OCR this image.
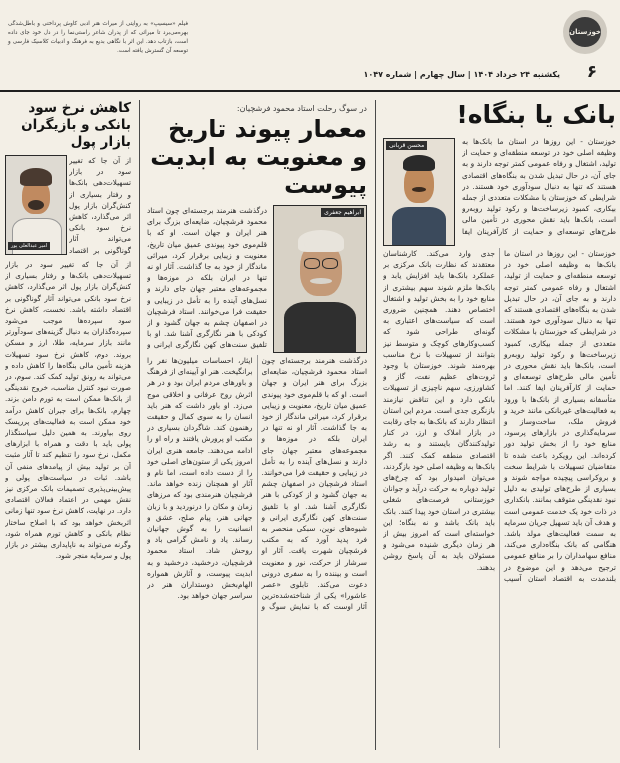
خوزستان
۶
یکشنبه ۲۴ خرداد ۱۴۰۴ | سال چهارم | شماره ۱۰۴۷
فیلم «سیسیپ» به روایتی از میراث هنر ادبی کاوش پرداختی و باطل‌شدگی بهره‌می‌برد تا میراثی که از پدران شاعر راستی‌نما را در دل خود جای داده است، بازتاب دهد. این اثر با نگاهی بدیع به فرهنگ و ادبیات کلاسیک فارسی و توسعه آن گسترش یافته است.
بانک یا بنگاه!
محسن قربانی	خوزستان - این روزها در استان ما بانک‌ها به وظیفه اصلی خود در توسعه منطقه‌ای و حمایت از تولید، اشتغال و رفاه عمومی کمتر توجه دارند و به جای آن، در حال تبدیل شدن به بنگاه‌های اقتصادی هستند که تنها به دنبال سودآوری خود هستند. در شرایطی که خوزستان با مشکلات متعددی از جمله بیکاری، کمبود زیرساخت‌ها و رکود تولید روبه‌رو است، بانک‌ها باید نقش محوری در تأمین مالی طرح‌های توسعه‌ای و حمایت از کارآفرینان ایفا

خوزستان - این روزها در استان ما بانک‌ها به وظیفه اصلی خود در توسعه منطقه‌ای و حمایت از تولید، اشتغال و رفاه عمومی کمتر توجه دارند و به جای آن، در حال تبدیل شدن به بنگاه‌های اقتصادی هستند که تنها به دنبال سودآوری خود هستند. در شرایطی که خوزستان با مشکلات متعددی از جمله بیکاری، کمبود زیرساخت‌ها و رکود تولید روبه‌رو است، بانک‌ها باید نقش محوری در تأمین مالی طرح‌های توسعه‌ای و حمایت از کارآفرینان ایفا کنند. اما متأسفانه بسیاری از بانک‌ها با ورود به فعالیت‌های غیربانکی مانند خرید و فروش ملک، ساخت‌وساز و سرمایه‌گذاری در بازارهای پرسود، منابع خود را از بخش تولید دور کرده‌اند. این رویکرد باعث شده تا متقاضیان تسهیلات با شرایط سخت و بروکراسی پیچیده مواجه شوند و بسیاری از طرح‌های تولیدی به دلیل نبود نقدینگی متوقف بمانند. بانکداری در ذات خود یک خدمت عمومی است و هدف آن باید تسهیل جریان سرمایه به سمت فعالیت‌های مولد باشد. هنگامی که بانک بنگاه‌داری می‌کند، منافع سهامداران را بر منافع عمومی ترجیح می‌دهد و این موضوع در بلندمدت به اقتصاد استان آسیب جدی وارد می‌کند. کارشناسان معتقدند که نظارت بانک مرکزی بر عملکرد بانک‌ها باید افزایش یابد و بانک‌ها ملزم شوند سهم بیشتری از منابع خود را به بخش تولید و اشتغال اختصاص دهند. همچنین ضروری است که سیاست‌های اعتباری به گونه‌ای طراحی شود که کسب‌وکارهای کوچک و متوسط نیز بتوانند از تسهیلات با نرخ مناسب بهره‌مند شوند. خوزستان با وجود ثروت‌های عظیم نفت، گاز و کشاورزی، سهم ناچیزی از تسهیلات بانکی دارد و این تناقض نیازمند بازنگری جدی است. مردم این استان انتظار دارند که بانک‌ها به جای رقابت در بازار املاک و ارز، در کنار تولیدکنندگان بایستند و به رشد اقتصادی منطقه کمک کنند. اگر بانک‌ها به وظیفه اصلی خود بازگردند، می‌توان امیدوار بود که چرخ‌های تولید دوباره به حرکت درآید و جوانان خوزستانی فرصت‌های شغلی بیشتری در استان خود پیدا کنند. بانک باید بانک باشد و نه بنگاه؛ این خواسته‌ای است که امروز بیش از هر زمان دیگری شنیده می‌شود و مسئولان باید به آن پاسخ روشن بدهند.

در سوگ رحلت استاد محمود فرشچیان:
معمار پیوند تاریخ و معنویت به ابدیت پیوست
ابراهیم جعفری

درگذشت هنرمند برجسته‌ای چون استاد محمود فرشچیان، ضایعه‌ای بزرگ برای هنر ایران و جهان است. او که با قلم‌موی خود پیوندی عمیق میان تاریخ، معنویت و زیبایی برقرار کرد، میراثی ماندگار از خود به جا گذاشت. آثار او نه تنها در ایران بلکه در موزه‌ها و مجموعه‌های معتبر جهان جای دارند و نسل‌های آینده را به تأمل در زیبایی و حقیقت فرا می‌خوانند. استاد فرشچیان در اصفهان چشم به جهان گشود و از کودکی با هنر نگارگری آشنا شد. او با تلفیق سنت‌های کهن نگارگری ایرانی و

درگذشت هنرمند برجسته‌ای چون استاد محمود فرشچیان، ضایعه‌ای بزرگ برای هنر ایران و جهان است. او که با قلم‌موی خود پیوندی عمیق میان تاریخ، معنویت و زیبایی برقرار کرد، میراثی ماندگار از خود به جا گذاشت. آثار او نه تنها در ایران بلکه در موزه‌ها و مجموعه‌های معتبر جهان جای دارند و نسل‌های آینده را به تأمل در زیبایی و حقیقت فرا می‌خوانند. استاد فرشچیان در اصفهان چشم به جهان گشود و از کودکی با هنر نگارگری آشنا شد. او با تلفیق سنت‌های کهن نگارگری ایرانی و شیوه‌های نوین، سبکی منحصر به فرد پدید آورد که به مکتب فرشچیان شهرت یافت. آثار او سرشار از حرکت، نور و معنویت است و بیننده را به سفری درونی دعوت می‌کند. تابلوی «عصر عاشورا» یکی از شناخته‌شده‌ترین آثار اوست که با نمایش سوگ و ایثار، احساسات میلیون‌ها نفر را برانگیخت. هنر او آیینه‌ای از فرهنگ و باورهای مردم ایران بود و در هر اثرش روح عرفانی و اخلاقی موج می‌زد. او باور داشت که هنر باید انسان را به سوی کمال و حقیقت رهنمون کند. شاگردان بسیاری در مکتب او پرورش یافتند و راه او را ادامه می‌دهند. جامعه هنری ایران امروز یکی از ستون‌های اصلی خود را از دست داده است، اما نام و آثار او همچنان زنده خواهد ماند. فرشچیان هنرمندی بود که مرزهای زمان و مکان را درنوردید و با زبان جهانی هنر، پیام صلح، عشق و انسانیت را به گوش جهانیان رساند. یاد و نامش گرامی باد و روحش شاد. استاد محمود فرشچیان، درخشید، درخشید و به ابدیت پیوست، و آثارش همواره الهام‌بخش دوستداران هنر در سراسر جهان خواهد بود.

کاهش نرخ سود بانکی و بازیگران بازار پول
امیر عبدالعلی پور

از آن جا که تغییر سود در بازار تسهیلات‌دهی بانک‌ها و رفتار بسیاری از کنش‌گران بازار پول اثر می‌گذارد، کاهش نرخ سود بانکی می‌تواند آثار گوناگونی بر اقتصاد

از آن جا که تغییر سود در بازار تسهیلات‌دهی بانک‌ها و رفتار بسیاری از کنش‌گران بازار پول اثر می‌گذارد، کاهش نرخ سود بانکی می‌تواند آثار گوناگونی بر اقتصاد داشته باشد. نخست، کاهش نرخ سود سپرده‌ها موجب می‌شود سپرده‌گذاران به دنبال گزینه‌های سودآورتر مانند بازار سرمایه، طلا، ارز و مسکن بروند. دوم، کاهش نرخ سود تسهیلات هزینه تأمین مالی بنگاه‌ها را کاهش داده و می‌تواند به رونق تولید کمک کند. سوم، در صورت نبود کنترل مناسب، خروج نقدینگی از بانک‌ها ممکن است به تورم دامن بزند. چهارم، بانک‌ها برای جبران کاهش درآمد خود ممکن است به فعالیت‌های پرریسک روی بیاورند. به همین دلیل سیاستگذار پولی باید با دقت و همراه با ابزارهای مکمل، نرخ سود را تنظیم کند تا آثار مثبت آن بر تولید بیش از پیامدهای منفی آن باشد. ثبات در سیاست‌های پولی و پیش‌بینی‌پذیری تصمیمات بانک مرکزی نیز نقش مهمی در اعتماد فعالان اقتصادی دارد. در نهایت، کاهش نرخ سود تنها زمانی اثربخش خواهد بود که با اصلاح ساختار نظام بانکی و کاهش تورم همراه شود، وگرنه می‌تواند به ناپایداری بیشتر در بازار پول و سرمایه منجر شود.
